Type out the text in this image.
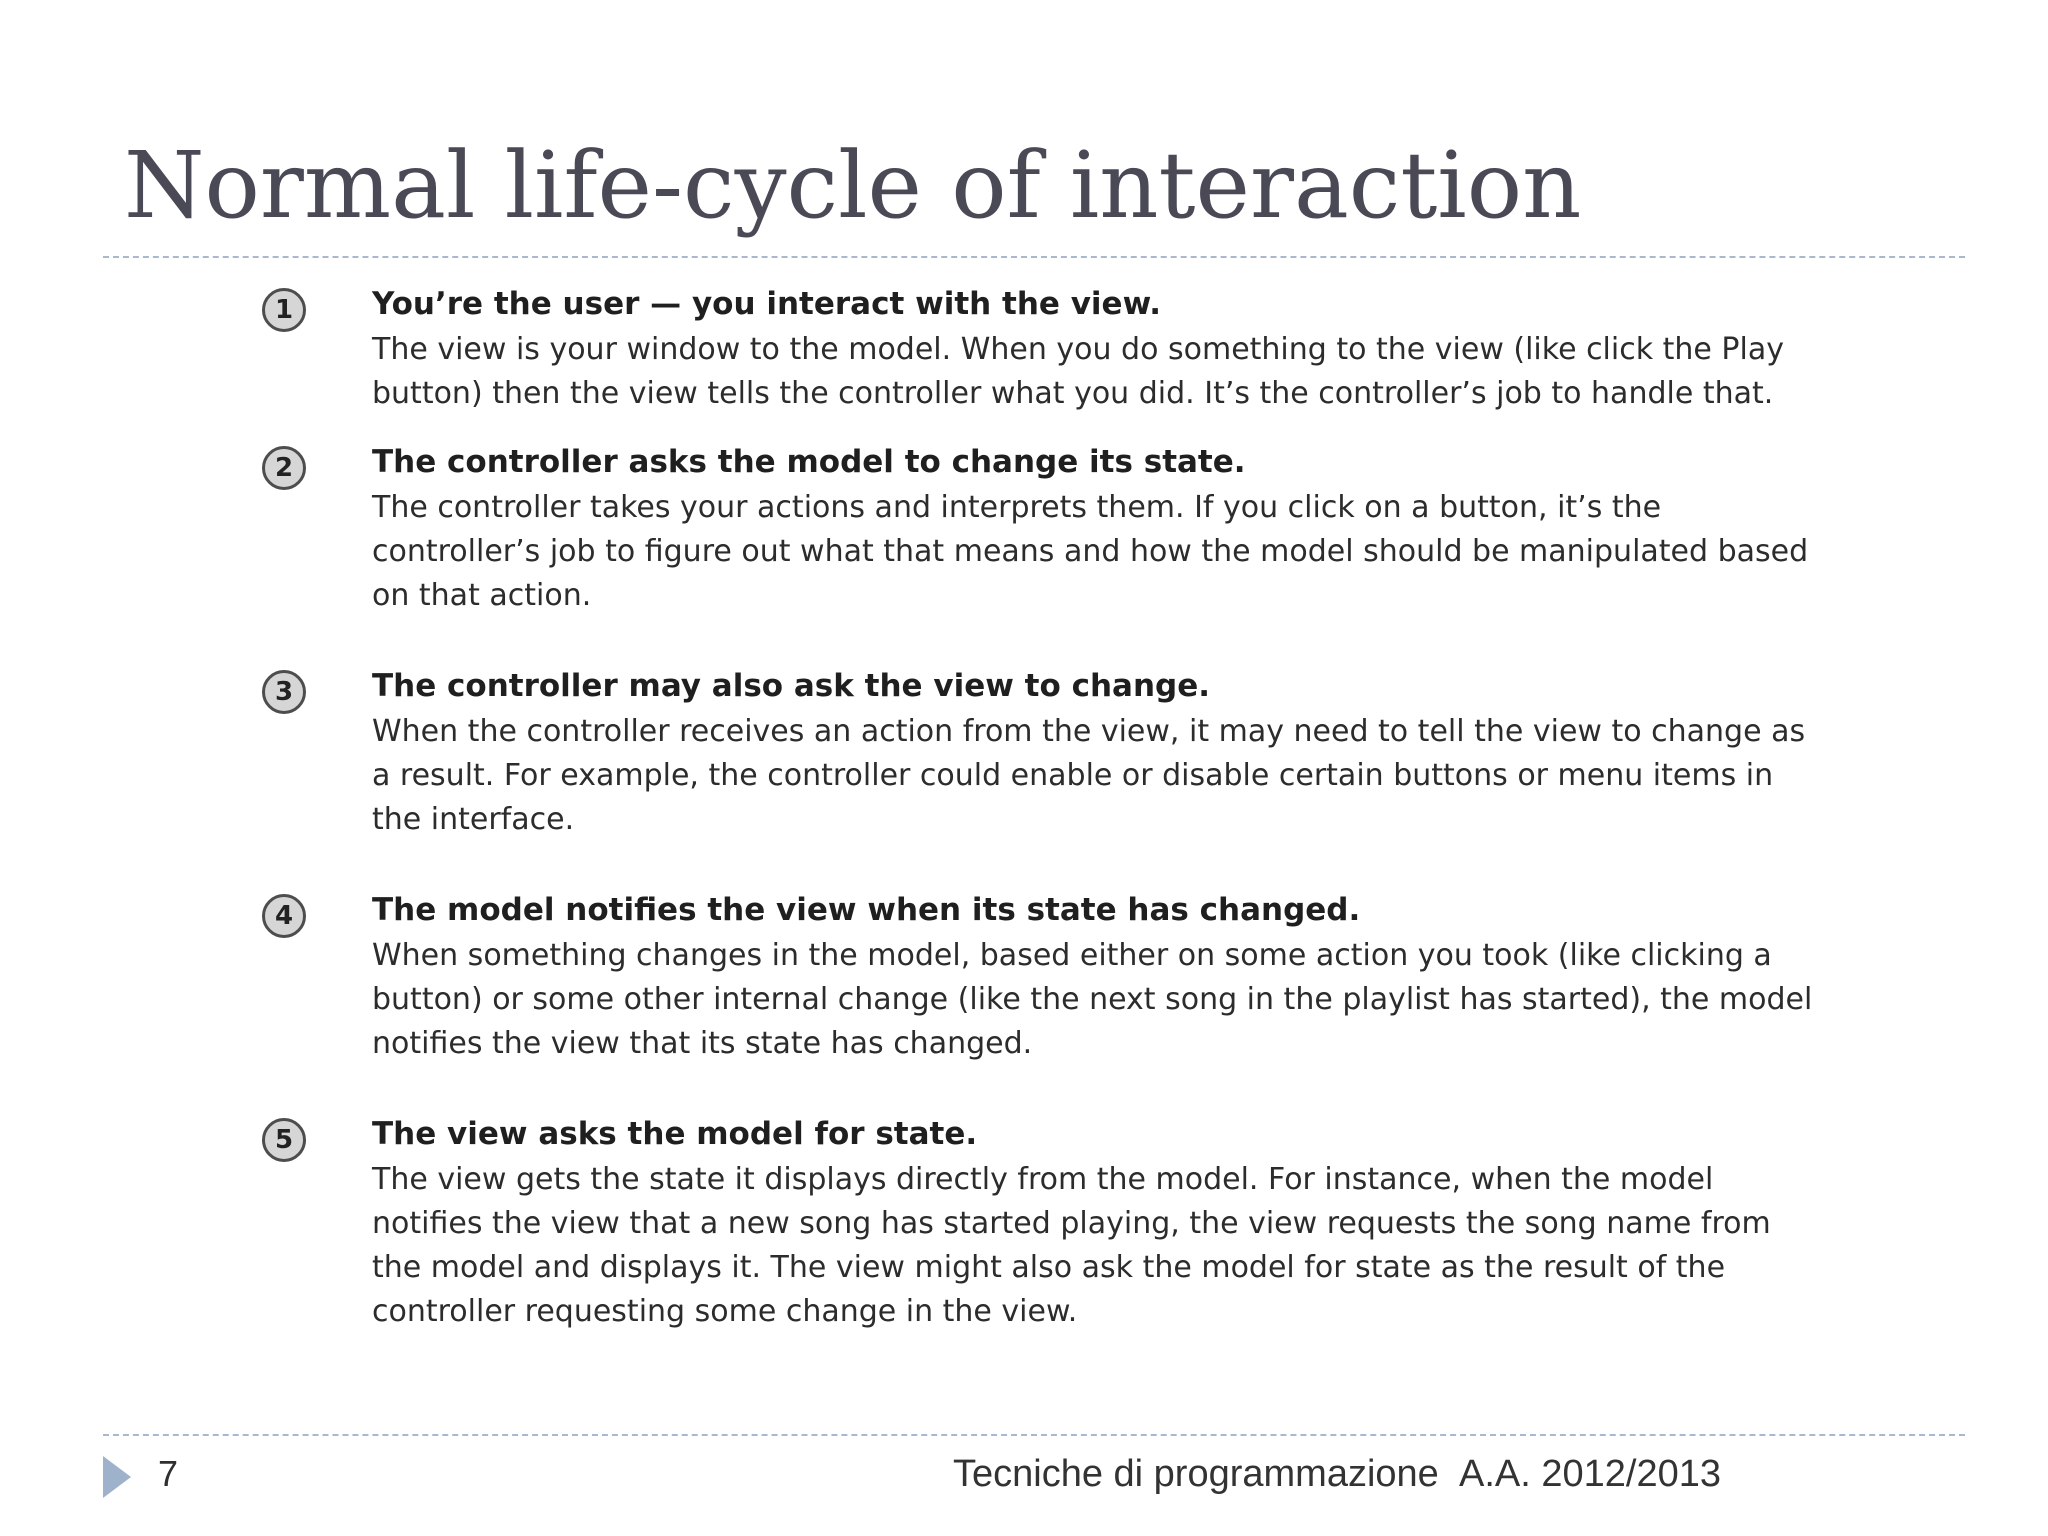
Normal life-cycle of interaction
1	You’re the user — you interact with the view.

The view is your window to the model. When you do something to the view (like click the Play button) then the view tells the controller what you did. It’s the controller’s job to handle that.

2	The controller asks the model to change its state.

The controller takes your actions and interprets them. If you click on a button, it’s the controller’s job to figure out what that means and how the model should be manipulated based on that action.

3	The controller may also ask the view to change.

When the controller receives an action from the view, it may need to tell the view to change as a result. For example, the controller could enable or disable certain buttons or menu items in the interface.

4	The model notifies the view when its state has changed.

When something changes in the model, based either on some action you took (like clicking a button) or some other internal change (like the next song in the playlist has started), the model notifies the view that its state has changed.

5	The view asks the model for state.

The view gets the state it displays directly from the model. For instance, when the model notifies the view that a new song has started playing, the view requests the song name from the model and displays it. The view might also ask the model for state as the result of the controller requesting some change in the view.

7	Tecniche di programmazione A.A. 2012/2013
